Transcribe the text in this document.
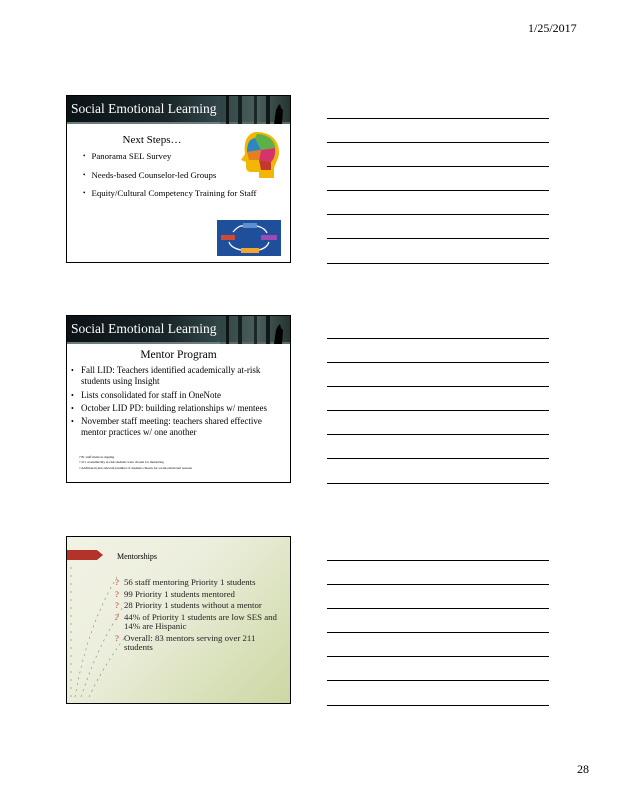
1/25/2017
Social Emotional Learning
Next Steps…
• Panorama SEL Survey
• Needs-based Counselor-led Groups
• Equity/Cultural Competency Training for Staff
Social Emotional Learning
Mentor Program
• Fall LID: Teachers identified academically at-risk students using Insight
• Lists consolidated for staff in OneNote
• October LID PD: building relationships w/ mentees
• November staff meeting: teachers shared effective mentor practices w/ one another
? 81 staff mentors signing
? 211 academically at-risk students were chosen for mentoring
? Additional (less relevant) number of students chosen for social-emotional reasons
Mentorships
? 56 staff mentoring Priority 1 students
? 99 Priority 1 students mentored
? 28 Priority 1 students without a mentor
? 44% of Priority 1 students are low SES and 14% are Hispanic
? Overall: 83 mentors serving over 211 students
28
